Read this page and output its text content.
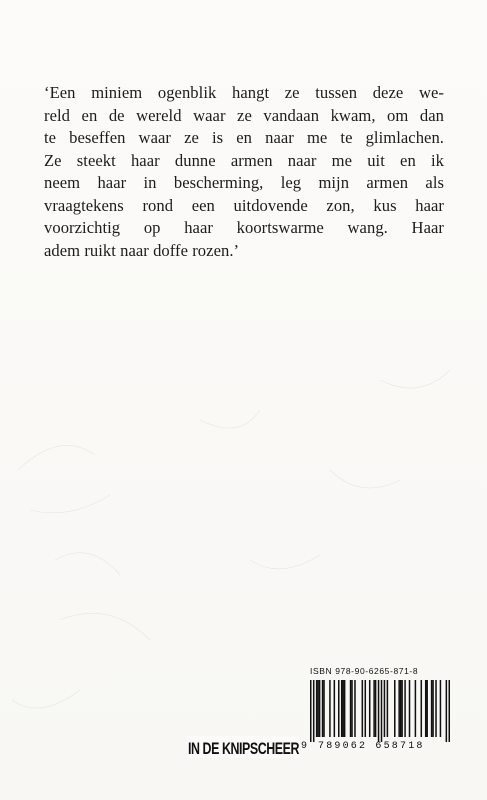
‘Een miniem ogenblik hangt ze tussen deze we-
reld en de wereld waar ze vandaan kwam, om dan
te beseffen waar ze is en naar me te glimlachen.
Ze steekt haar dunne armen naar me uit en ik
neem haar in bescherming, leg mijn armen als
vraagtekens rond een uitdovende zon, kus haar
voorzichtig op haar koortswarme wang. Haar
adem ruikt naar doffe rozen.’
ISBN 978-90-6265-871-8
9 789062 658718
IN DE KNIPSCHEER
